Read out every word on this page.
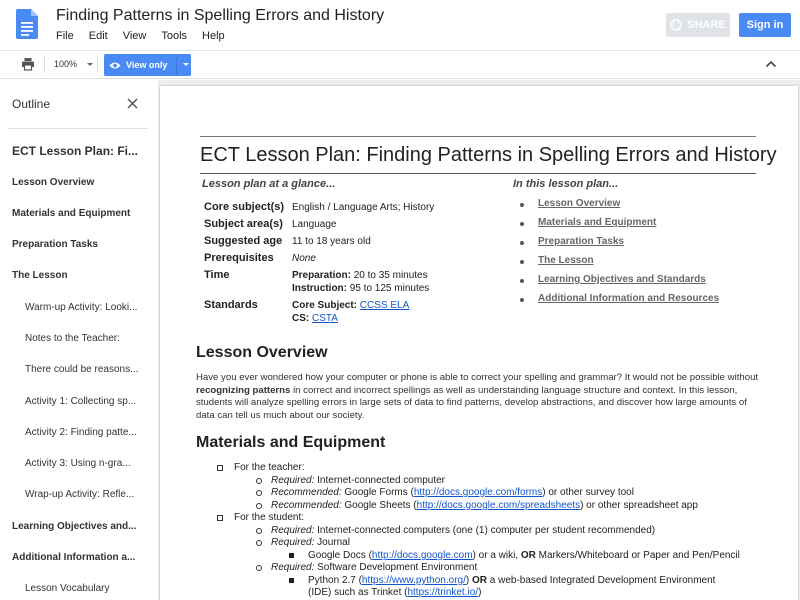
Finding Patterns in Spelling Errors and History
File Edit View Tools Help
SHARE	Sign in
100%	View only
Outline
ECT Lesson Plan: Fi...
Lesson Overview
Materials and Equipment
Preparation Tasks
The Lesson
Warm-up Activity: Looki...
Notes to the Teacher:
There could be reasons...
Activity 1: Collecting sp...
Activity 2: Finding patte...
Activity 3: Using n-gra...
Wrap-up Activity: Refle...
Learning Objectives and...
Additional Information a...
Lesson Vocabulary
ECT Lesson Plan: Finding Patterns in Spelling Errors and History
Lesson plan at a glance...
Core subject(s) English / Language Arts; History
Subject area(s) Language
Suggested age 11 to 18 years old
Prerequisites None
Time	Preparation: 20 to 35 minutes
Instruction: 95 to 125 minutes
Standards	Core Subject: CCSS ELA
CS: CSTA
In this lesson plan...
Lesson Overview
Materials and Equipment
Preparation Tasks
The Lesson
Learning Objectives and Standards
Additional Information and Resources
Lesson Overview
Have you ever wondered how your computer or phone is able to correct your spelling and grammar? It would not be possible without recognizing patterns in correct and incorrect spellings as well as understanding language structure and context. In this lesson, students will analyze spelling errors in large sets of data to find patterns, develop abstractions, and discover how large amounts of data can tell us much about our society.
Materials and Equipment
For the teacher:
Required: Internet-connected computer
Recommended: Google Forms (http://docs.google.com/forms) or other survey tool
Recommended: Google Sheets (http://docs.google.com/spreadsheets) or other spreadsheet app
For the student:
Required: Internet-connected computers (one (1) computer per student recommended)
Required: Journal
Google Docs (http://docs.google.com) or a wiki, OR Markers/Whiteboard or Paper and Pen/Pencil
Required: Software Development Environment
Python 2.7 (https://www.python.org/) OR a web-based Integrated Development Environment
(IDE) such as Trinket (https://trinket.io/)
